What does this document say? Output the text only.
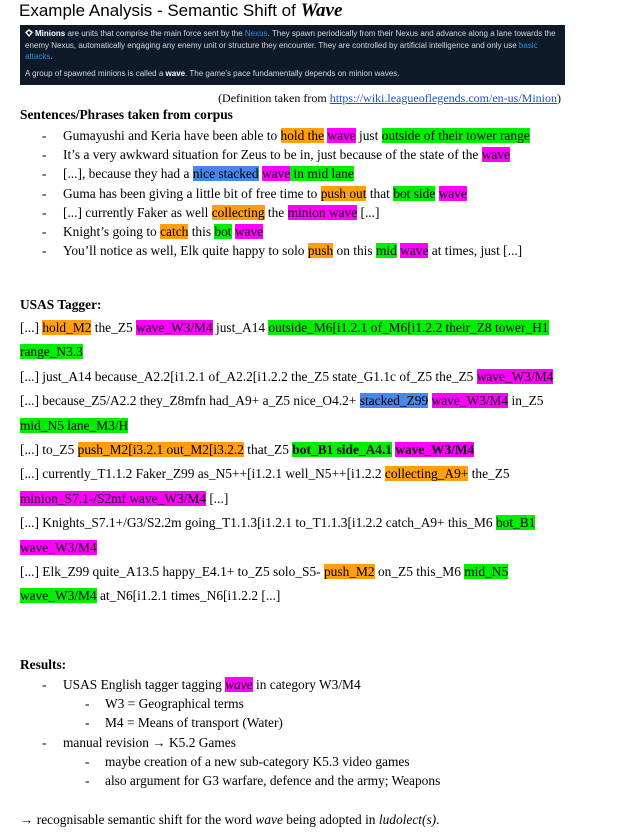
Example Analysis - Semantic Shift of Wave

Minions are units that comprise the main force sent by the Nexus. They spawn periodically from their Nexus and advance along a lane towards the enemy Nexus, automatically engaging any enemy unit or structure they encounter. They are controlled by artificial intelligence and only use basic attacks.

A group of spawned minions is called a wave. The game's pace fundamentally depends on minion waves.

(Definition taken from https://wiki.leagueoflegends.com/en-us/Minion)
Sentences/Phrases taken from corpus
- Gumayushi and Keria have been able to hold the wave just outside of their tower range
- It’s a very awkward situation for Zeus to be in, just because of the state of the wave
- [...], because they had a nice stacked wave in mid lane
- Guma has been giving a little bit of free time to push out that bot side wave
- [...] currently Faker as well collecting the minion wave [...]
- Knight’s going to catch this bot wave
- You’ll notice as well, Elk quite happy to solo push on this mid wave at times, just [...]
USAS Tagger:

[...] hold_M2 the_Z5 wave_W3/M4 just_A14 outside_M6[i1.2.1 of_M6[i1.2.2 their_Z8 tower_H1 range_N3.3

[...] just_A14 because_A2.2[i1.2.1 of_A2.2[i1.2.2 the_Z5 state_G1.1c of_Z5 the_Z5 wave_W3/M4

[...] because_Z5/A2.2 they_Z8mfn had_A9+ a_Z5 nice_O4.2+ stacked_Z99 wave_W3/M4 in_Z5 mid_N5 lane_M3/H

[...] to_Z5 push_M2[i3.2.1 out_M2[i3.2.2 that_Z5 bot_B1 side_A4.1 wave_W3/M4

[...] currently_T1.1.2 Faker_Z99 as_N5++[i1.2.1 well_N5++[i1.2.2 collecting_A9+ the_Z5 minion_S7.1-/S2mf wave_W3/M4 [...]

[...] Knights_S7.1+/G3/S2.2m going_T1.1.3[i1.2.1 to_T1.1.3[i1.2.2 catch_A9+ this_M6 bot_B1 wave_W3/M4

[...] Elk_Z99 quite_A13.5 happy_E4.1+ to_Z5 solo_S5- push_M2 on_Z5 this_M6 mid_N5 wave_W3/M4 at_N6[i1.2.1 times_N6[i1.2.2 [...]

Results:
- USAS English tagger tagging wave in category W3/M4
- W3 = Geographical terms
- M4 = Means of transport (Water)
- manual revision → K5.2 Games
- maybe creation of a new sub-category K5.3 video games
- also argument for G3 warfare, defence and the army; Weapons
→ recognisable semantic shift for the word wave being adopted in ludolect(s).
